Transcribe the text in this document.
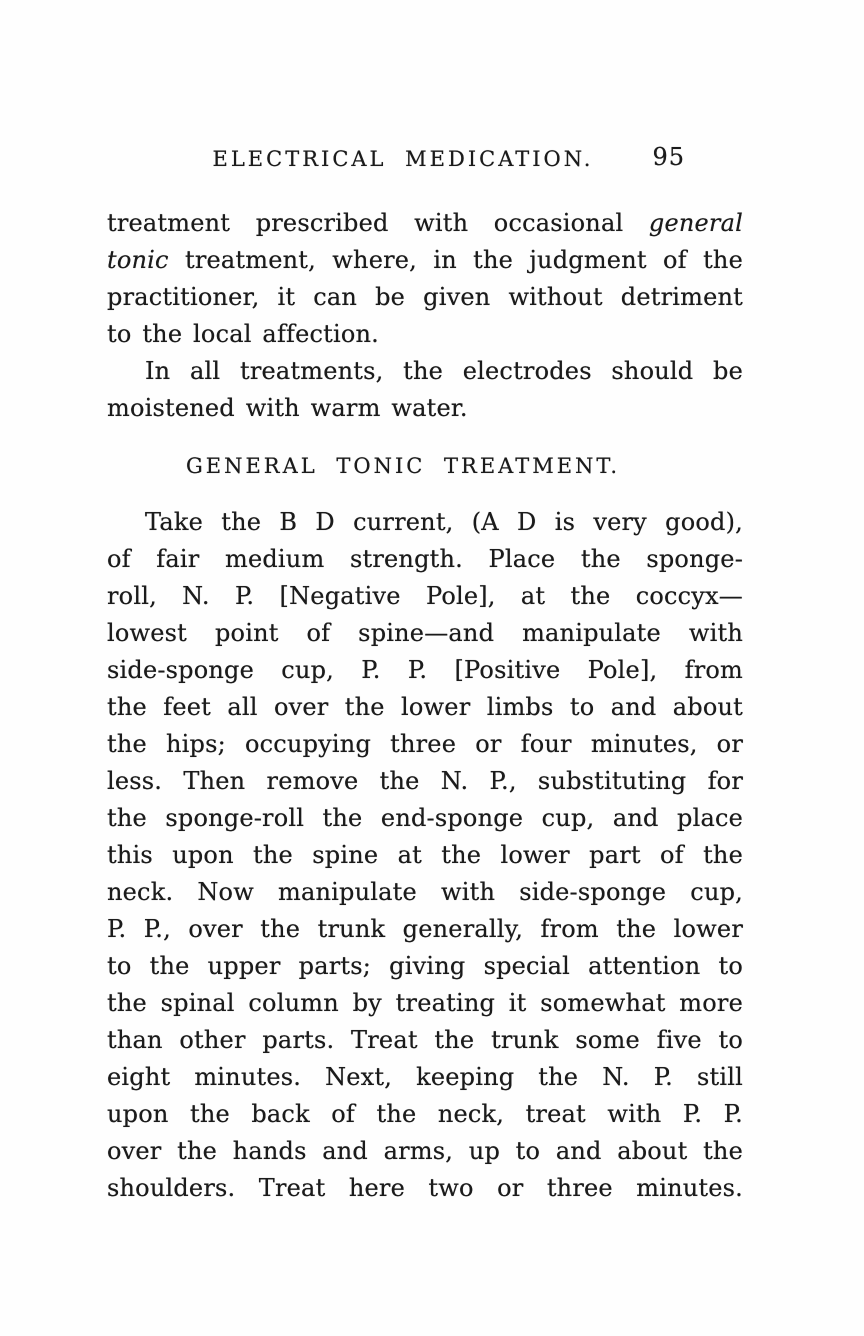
ELECTRICAL MEDICATION.	95
treatment prescribed with occasional general
tonic treatment, where, in the judgment of the
practitioner, it can be given without detriment
to the local affection.
In all treatments, the electrodes should be
moistened with warm water.
GENERAL TONIC TREATMENT.
Take the B D current, (A D is very good),
of fair medium strength. Place the sponge-
roll, N. P. [Negative Pole], at the coccyx—
lowest point of spine—and manipulate with
side-sponge cup, P. P. [Positive Pole], from
the feet all over the lower limbs to and about
the hips; occupying three or four minutes, or
less. Then remove the N. P., substituting for
the sponge-roll the end-sponge cup, and place
this upon the spine at the lower part of the
neck. Now manipulate with side-sponge cup,
P. P., over the trunk generally, from the lower
to the upper parts; giving special attention to
the spinal column by treating it somewhat more
than other parts. Treat the trunk some five to
eight minutes. Next, keeping the N. P. still
upon the back of the neck, treat with P. P.
over the hands and arms, up to and about the
shoulders. Treat here two or three minutes.
